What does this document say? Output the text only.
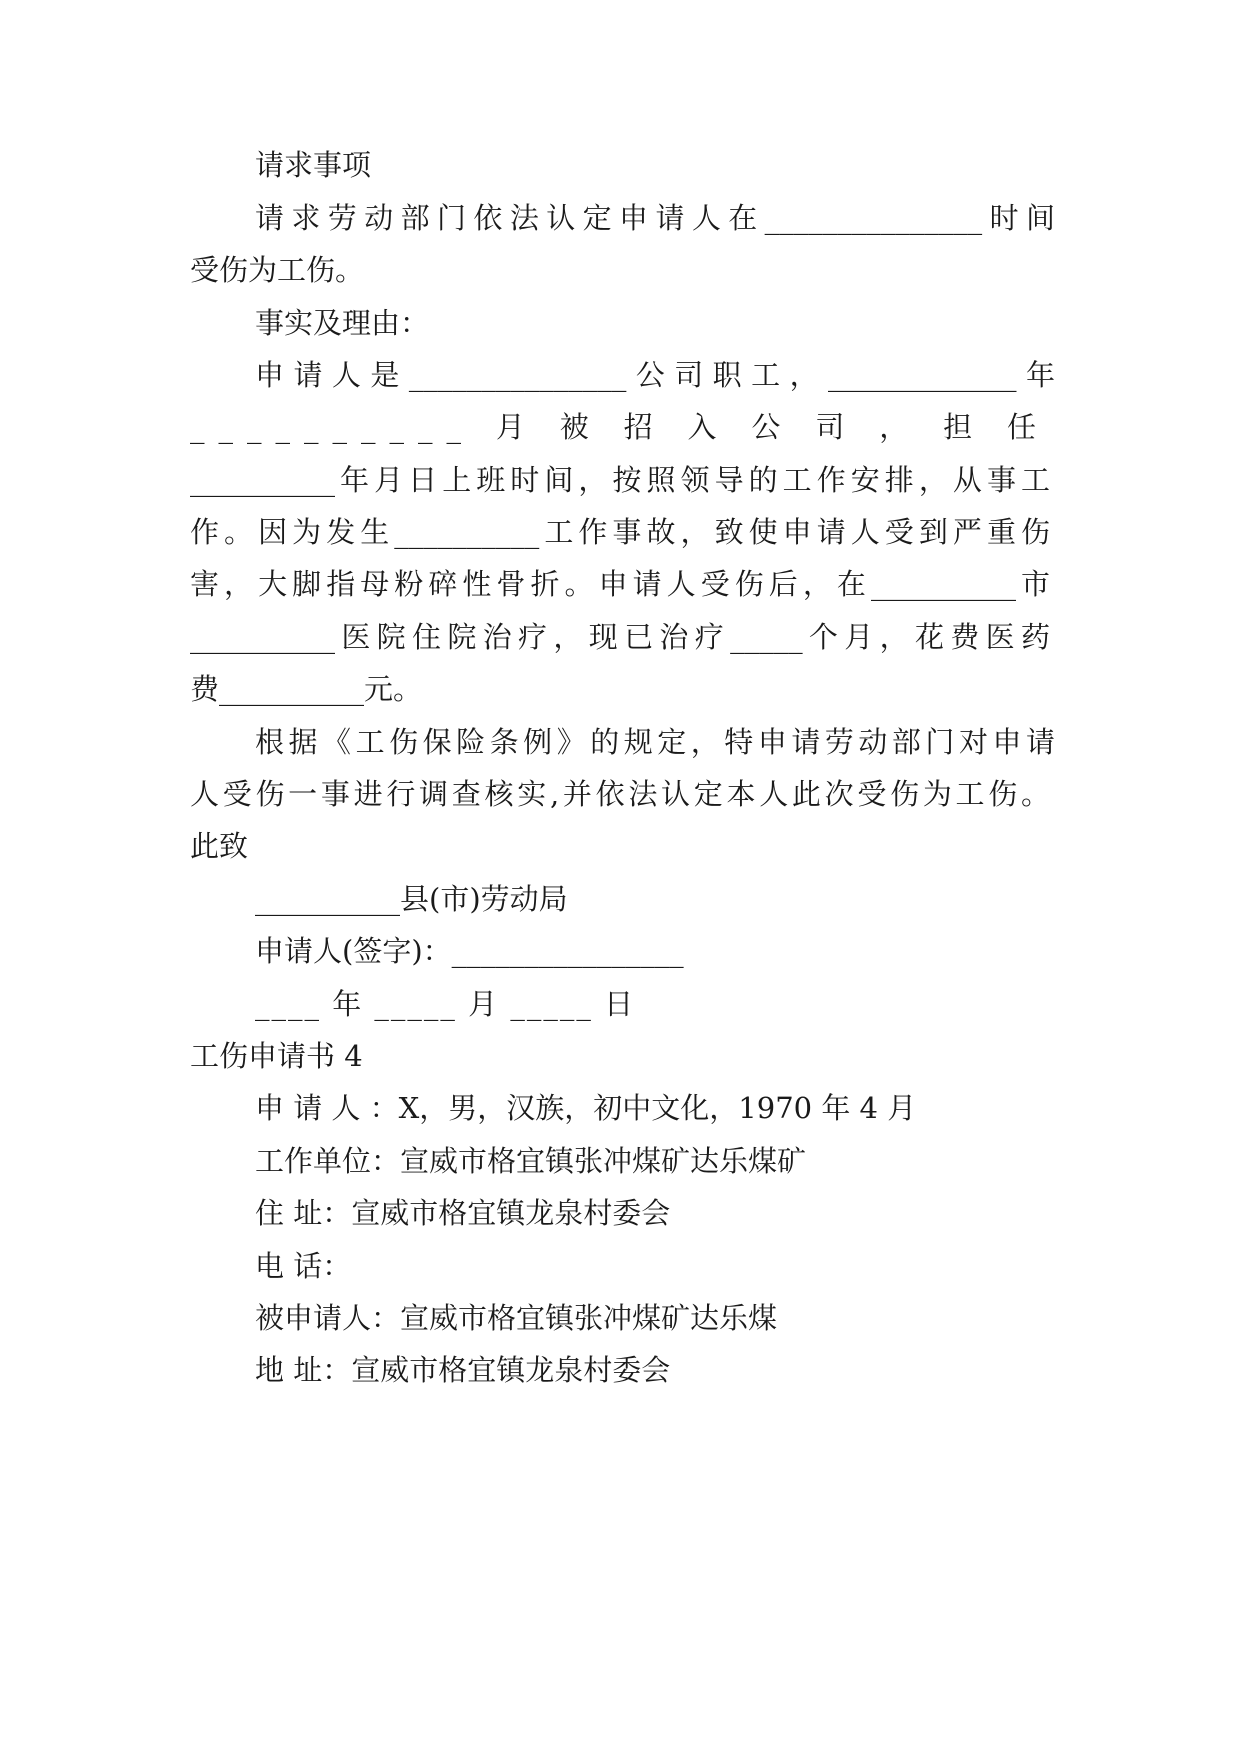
请求事项
请求劳动部门依法认定申请人在_______________时间
受伤为工伤。
事实及理由：
申请人是_______________公司职工，_____________年
__________月被招入公司，担任
__________年月日上班时间，按照领导的工作安排，从事工
作。因为发生__________工作事故，致使申请人受到严重伤
害，大脚指母粉碎性骨折。申请人受伤后，在__________市
__________医院住院治疗，现已治疗_____个月，花费医药
费__________元。
根据《工伤保险条例》的规定，特申请劳动部门对申请
人受伤一事进行调查核实,并依法认定本人此次受伤为工伤。
此致
__________县(市)劳动局
申请人(签字)：________________
____ 年 _____ 月 _____ 日
工伤申请书 4
申 请 人 ：X，男，汉族，初中文化，1970 年 4 月
工作单位：宣威市格宜镇张冲煤矿达乐煤矿
住 址：宣威市格宜镇龙泉村委会
电 话：
被申请人：宣威市格宜镇张冲煤矿达乐煤
地 址：宣威市格宜镇龙泉村委会
